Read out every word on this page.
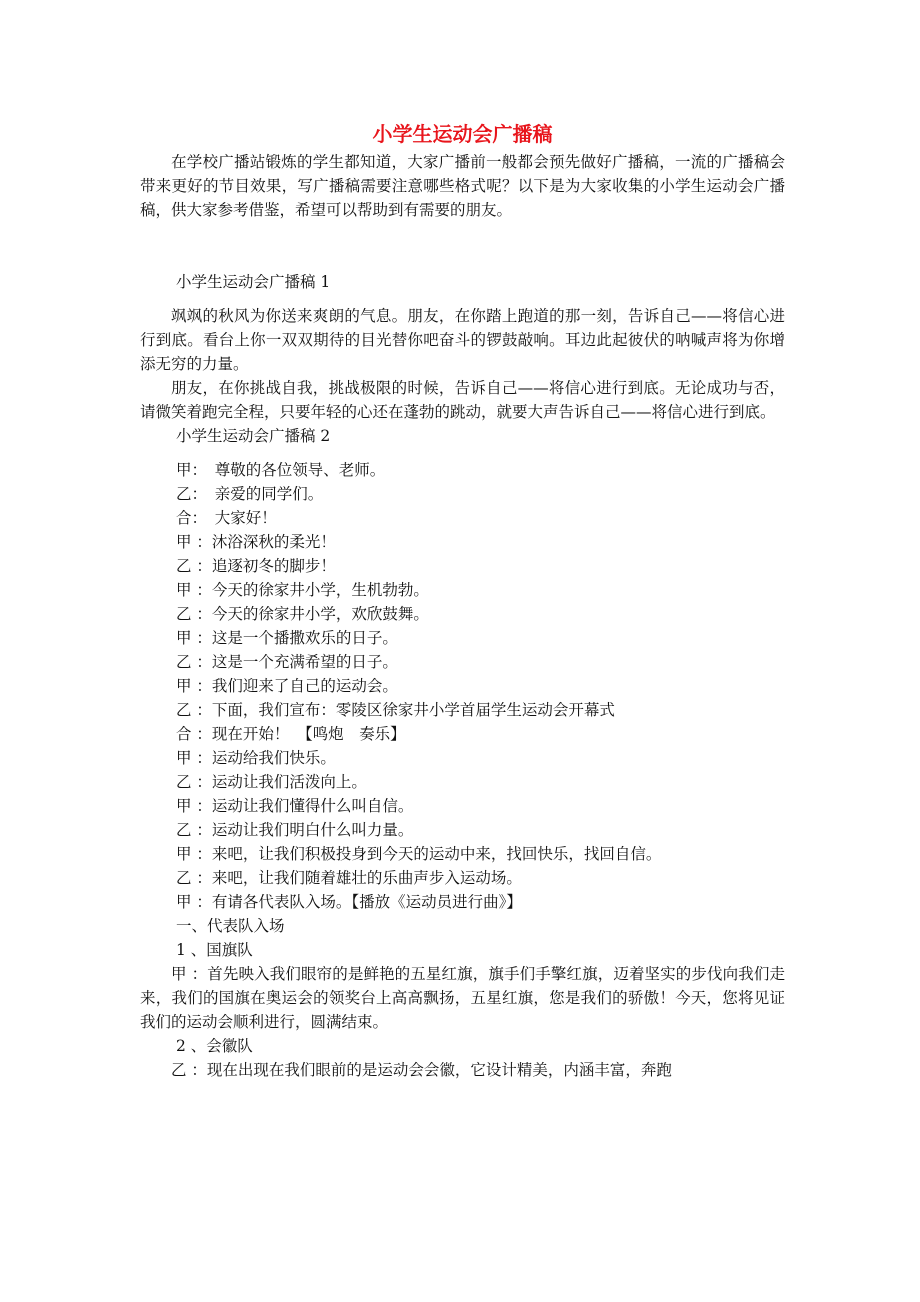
小学生运动会广播稿

在学校广播站锻炼的学生都知道，大家广播前一般都会预先做好广播稿，一流的广播稿会带来更好的节目效果，写广播稿需要注意哪些格式呢？以下是为大家收集的小学生运动会广播稿，供大家参考借鉴，希望可以帮助到有需要的朋友。

小学生运动会广播稿 1

飒飒的秋风为你送来爽朗的气息。朋友，在你踏上跑道的那一刻，告诉自己——将信心进行到底。看台上你一双双期待的目光替你吧奋斗的锣鼓敲响。耳边此起彼伏的呐喊声将为你增添无穷的力量。

朋友，在你挑战自我，挑战极限的时候，告诉自己——将信心进行到底。无论成功与否，请微笑着跑完全程，只要年轻的心还在蓬勃的跳动，就要大声告诉自己——将信心进行到底。

小学生运动会广播稿 2

甲：　尊敬的各位领导、老师。

乙：　亲爱的同学们。

合：　大家好！

甲 ：沐浴深秋的柔光！

乙 ：追逐初冬的脚步！

甲 ：今天的徐家井小学，生机勃勃。

乙 ：今天的徐家井小学，欢欣鼓舞。

甲 ：这是一个播撒欢乐的日子。

乙 ：这是一个充满希望的日子。

甲 ：我们迎来了自己的运动会。

乙 ：下面，我们宣布：零陵区徐家井小学首届学生运动会开幕式

合 ：现在开始！　【鸣炮　奏乐】

甲 ：运动给我们快乐。

乙 ：运动让我们活泼向上。

甲 ：运动让我们懂得什么叫自信。

乙 ：运动让我们明白什么叫力量。

甲 ：来吧，让我们积极投身到今天的运动中来，找回快乐，找回自信。

乙 ：来吧，让我们随着雄壮的乐曲声步入运动场。

甲 ：有请各代表队入场。【播放《运动员进行曲》】

一、代表队入场

1 、国旗队

甲 ：首先映入我们眼帘的是鲜艳的五星红旗，旗手们手擎红旗，迈着坚实的步伐向我们走来，我们的国旗在奥运会的领奖台上高高飘扬，五星红旗，您是我们的骄傲！今天，您将见证我们的运动会顺利进行，圆满结束。

2 、会徽队

乙 ：现在出现在我们眼前的是运动会会徽，它设计精美，内涵丰富，奔跑
